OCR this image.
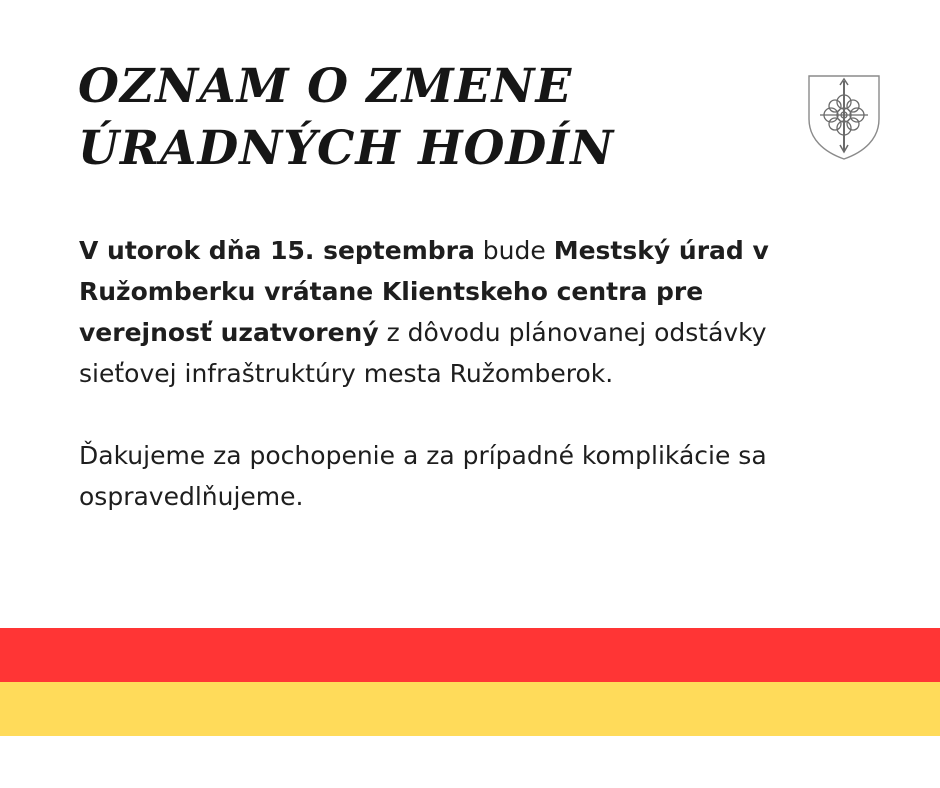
OZNAM O ZMENE
ÚRADNÝCH HODÍN

V utorok dňa 15. septembra bude Mestský úrad v Ružomberku vrátane Klientskeho centra pre verejnosť uzatvorený z dôvodu plánovanej odstávky sieťovej infraštruktúry mesta Ružomberok.

Ďakujeme za pochopenie a za prípadné komplikácie sa ospravedlňujeme.
